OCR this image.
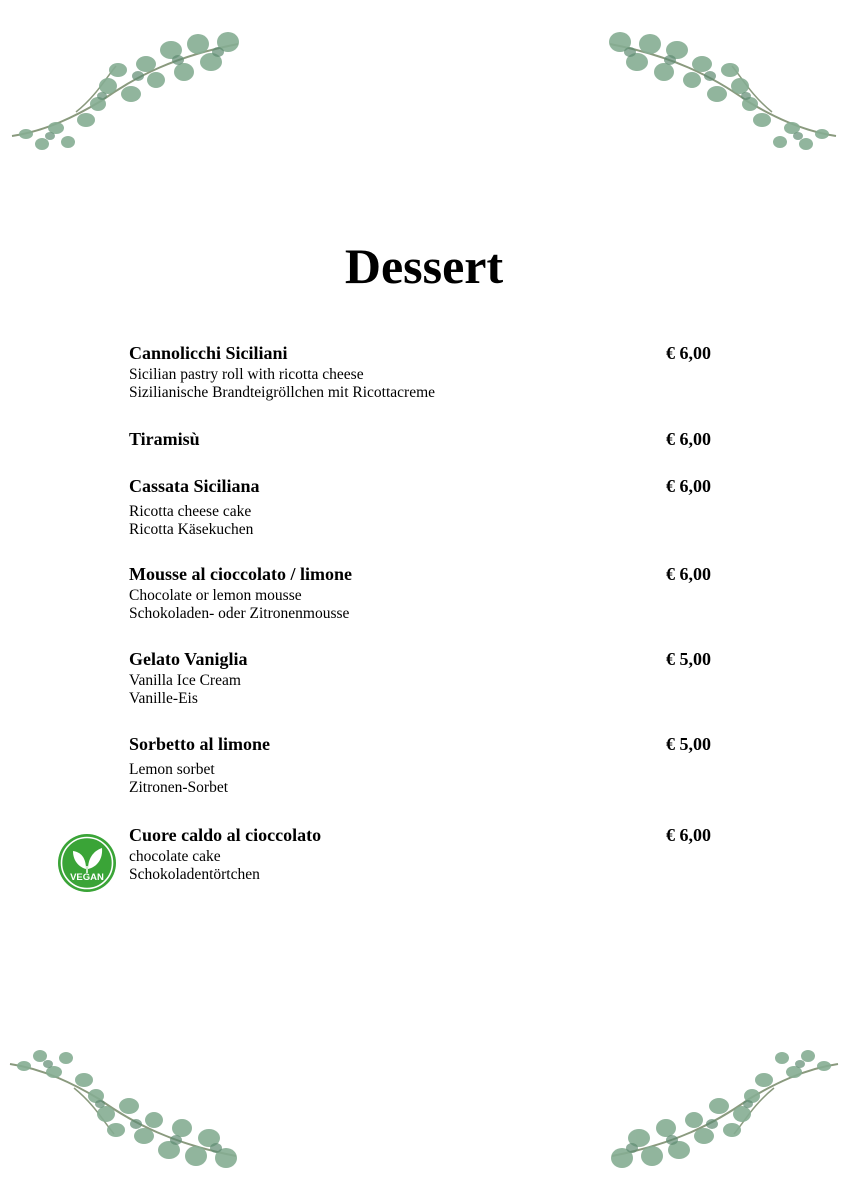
Dessert
Cannolicchi Siciliani	€ 6,00
Sicilian pastry roll with ricotta cheese
Sizilianische Brandteigröllchen mit Ricottacreme
Tiramisù	€ 6,00
Cassata Siciliana	€ 6,00
Ricotta cheese cake
Ricotta Käsekuchen
Mousse al cioccolato / limone	€ 6,00
Chocolate or lemon mousse
Schokoladen- oder Zitronenmousse
Gelato Vaniglia	€ 5,00
Vanilla Ice Cream
Vanille-Eis
Sorbetto al limone	€ 5,00
Lemon sorbet
Zitronen-Sorbet
Cuore caldo al cioccolato	€ 6,00
chocolate cake
Schokoladentörtchen
VEGAN
